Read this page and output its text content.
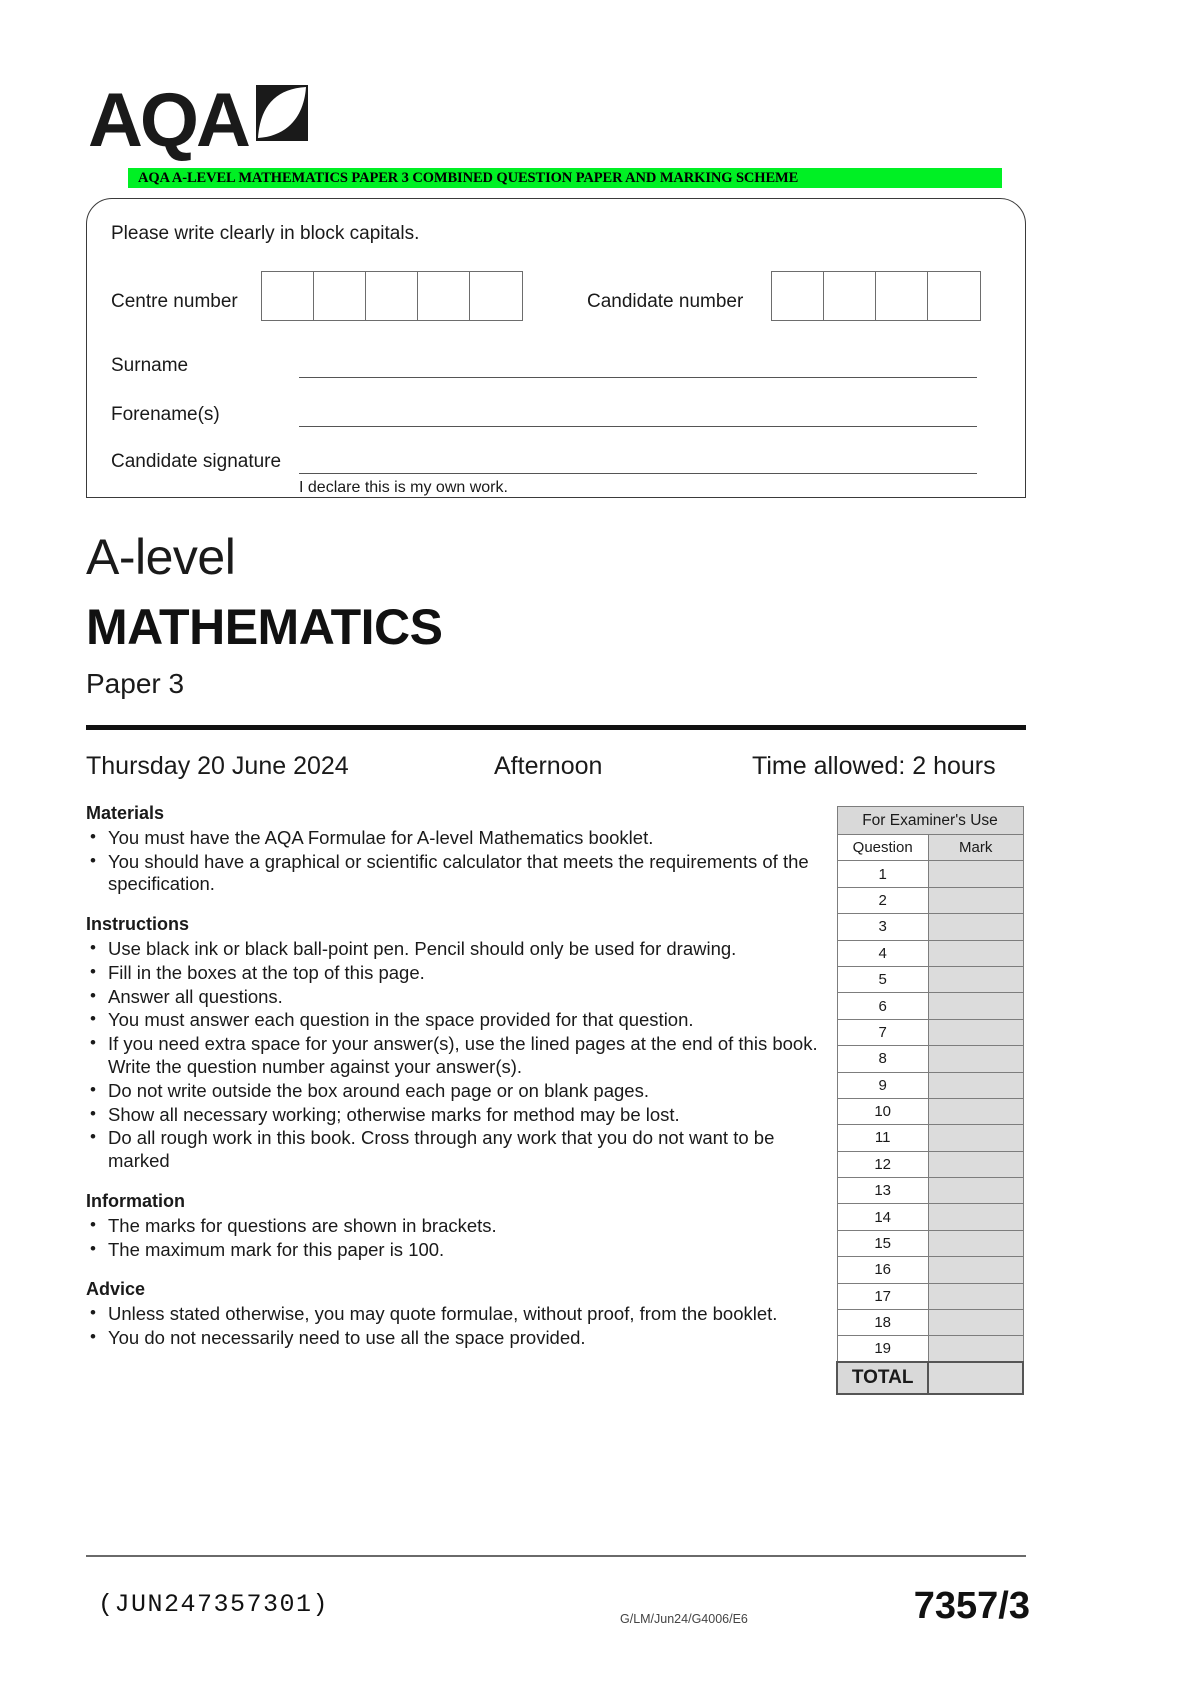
AQA
AQA A-LEVEL MATHEMATICS PAPER 3 COMBINED QUESTION PAPER AND MARKING SCHEME
Please write clearly in block capitals.
Centre number	Candidate number
Surname
Forename(s)
Candidate signature
I declare this is my own work.
A-level
MATHEMATICS
Paper 3
Thursday 20 June 2024	Afternoon	Time allowed: 2 hours
Materials
• You must have the AQA Formulae for A-level Mathematics booklet.
• You should have a graphical or scientific calculator that meets the requirements of the specification.
Instructions
• Use black ink or black ball-point pen. Pencil should only be used for drawing.
• Fill in the boxes at the top of this page.
• Answer all questions.
• You must answer each question in the space provided for that question.
• If you need extra space for your answer(s), use the lined pages at the end of this book. Write the question number against your answer(s).
• Do not write outside the box around each page or on blank pages.
• Show all necessary working; otherwise marks for method may be lost.
• Do all rough work in this book. Cross through any work that you do not want to be marked
Information
• The marks for questions are shown in brackets.
• The maximum mark for this paper is 100.
Advice
• Unless stated otherwise, you may quote formulae, without proof, from the booklet.
• You do not necessarily need to use all the space provided.
For Examiner's Use	
Question	Mark
1	
2	
3	
4	
5	
6	
7	
8	
9	
10	
11	
12	
13	
14	
15	
16	
17	
18	
19	
TOTAL	
(JUN247357301)	G/LM/Jun24/G4006/E6	7357/3
